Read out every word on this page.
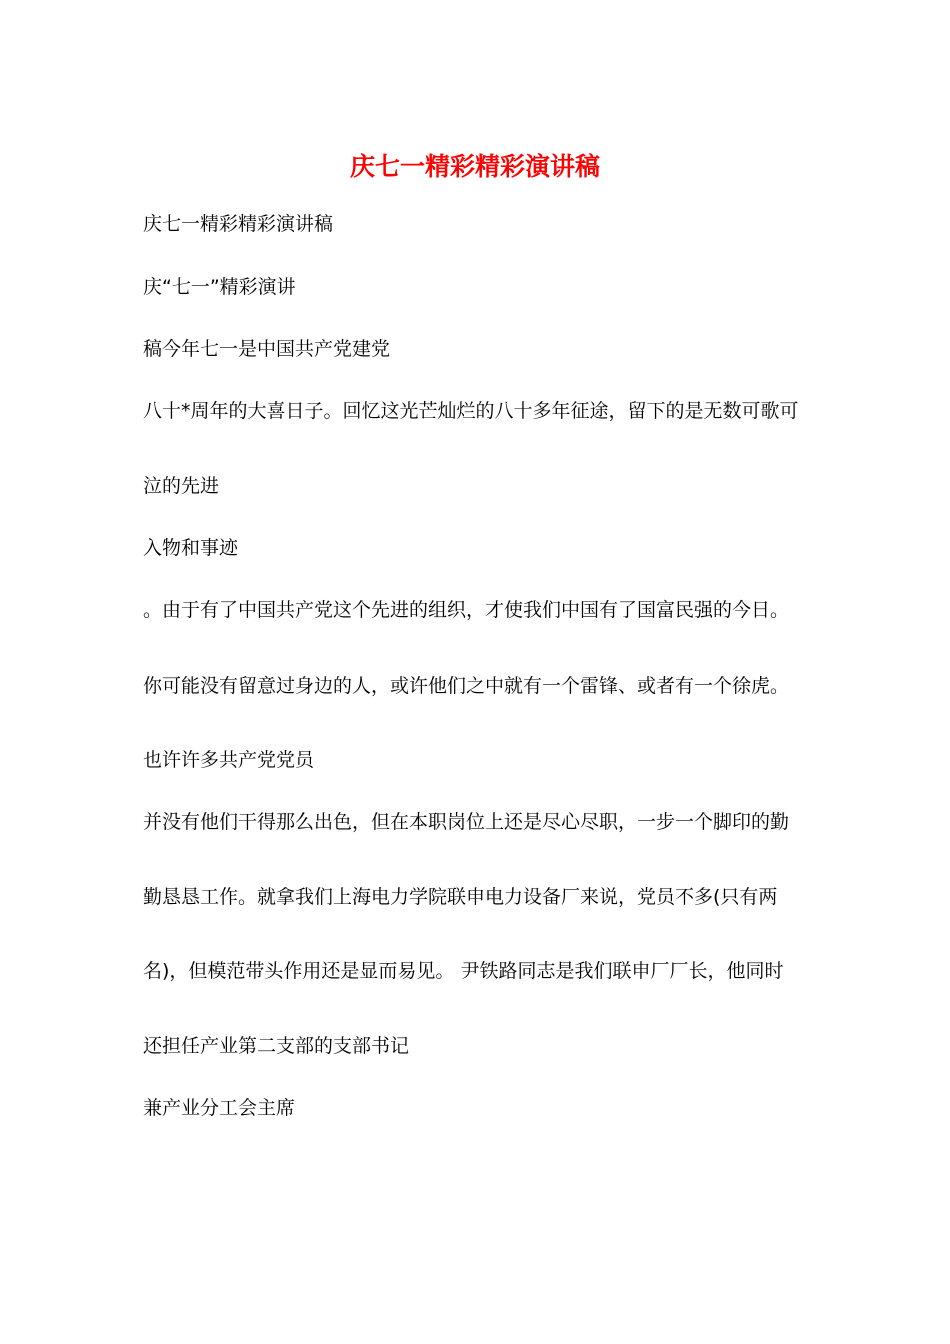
庆七一精彩精彩演讲稿
庆七一精彩精彩演讲稿
庆“七一”精彩演讲
稿今年七一是中国共产党建党
八十*周年的大喜日子。回忆这光芒灿烂的八十多年征途，留下的是无数可歌可
泣的先进
入物和事迹
。由于有了中国共产党这个先进的组织，才使我们中国有了国富民强的今日。
你可能没有留意过身边的人，或许他们之中就有一个雷锋、或者有一个徐虎。
也许许多共产党党员
并没有他们干得那么出色，但在本职岗位上还是尽心尽职，一步一个脚印的勤
勤恳恳工作。就拿我们上海电力学院联申电力设备厂来说，党员不多(只有两
名)，但模范带头作用还是显而易见。 尹铁路同志是我们联申厂厂长，他同时
还担任产业第二支部的支部书记
兼产业分工会主席
